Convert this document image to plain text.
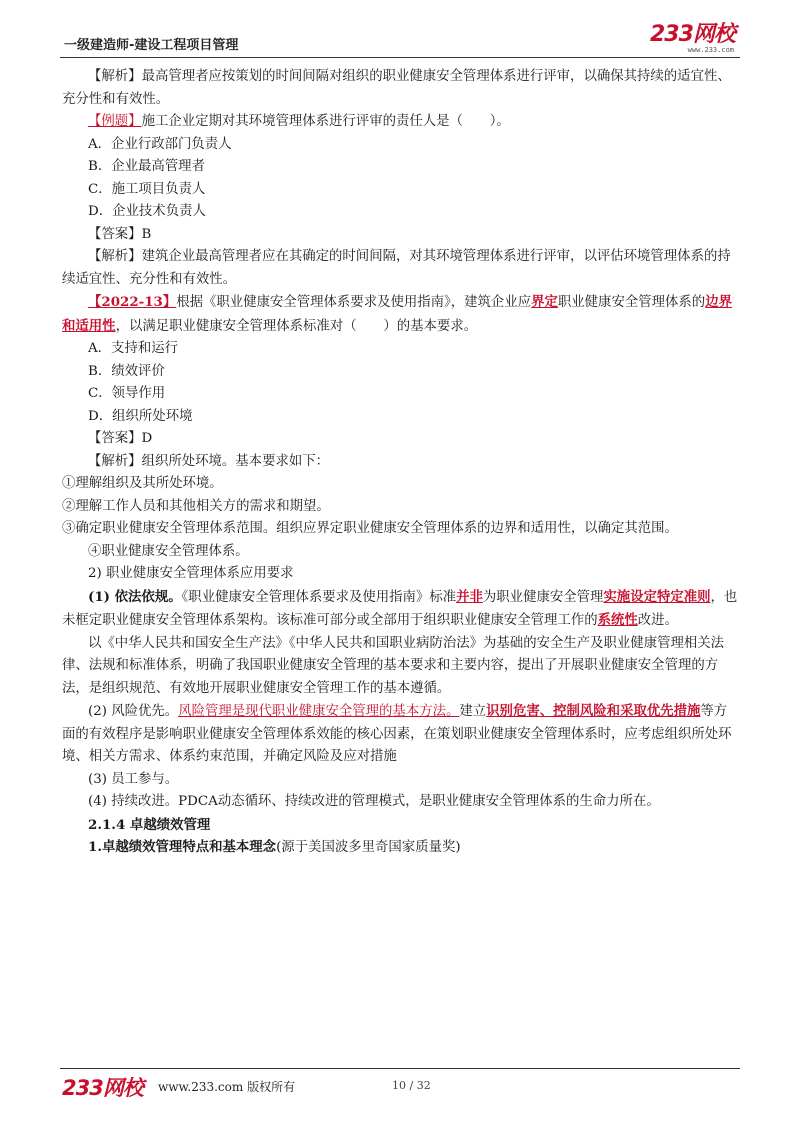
一级建造师-建设工程项目管理	233网校
www.233.com

【解析】最高管理者应按策划的时间间隔对组织的职业健康安全管理体系进行评审，以确保其持续的适宜性、充分性和有效性。

【例题】施工企业定期对其环境管理体系进行评审的责任人是（　　）。

A．企业行政部门负责人

B．企业最高管理者

C．施工项目负责人

D．企业技术负责人

【答案】B

【解析】建筑企业最高管理者应在其确定的时间间隔，对其环境管理体系进行评审，以评估环境管理体系的持续适宜性、充分性和有效性。

【2022-13】根据《职业健康安全管理体系要求及使用指南》，建筑企业应界定职业健康安全管理体系的边界和适用性，以满足职业健康安全管理体系标准对（　　）的基本要求。

A．支持和运行

B．绩效评价

C．领导作用

D．组织所处环境

【答案】D

【解析】组织所处环境。基本要求如下：

①理解组织及其所处环境。

②理解工作人员和其他相关方的需求和期望。

③确定职业健康安全管理体系范围。组织应界定职业健康安全管理体系的边界和适用性，以确定其范围。

④职业健康安全管理体系。

2) 职业健康安全管理体系应用要求

(1) 依法依规。《职业健康安全管理体系要求及使用指南》标准并非为职业健康安全管理实施设定特定准则，也未框定职业健康安全管理体系架构。该标准可部分或全部用于组织职业健康安全管理工作的系统性改进。

以《中华人民共和国安全生产法》《中华人民共和国职业病防治法》为基础的安全生产及职业健康管理相关法律、法规和标准体系，明确了我国职业健康安全管理的基本要求和主要内容，提出了开展职业健康安全管理的方法，是组织规范、有效地开展职业健康安全管理工作的基本遵循。

(2) 风险优先。风险管理是现代职业健康安全管理的基本方法。建立识别危害、控制风险和采取优先措施等方面的有效程序是影响职业健康安全管理体系效能的核心因素，在策划职业健康安全管理体系时，应考虑组织所处环境、相关方需求、体系约束范围，并确定风险及应对措施

(3) 员工参与。

(4) 持续改进。PDCA动态循环、持续改进的管理模式，是职业健康安全管理体系的生命力所在。

2.1.4 卓越绩效管理

1.卓越绩效管理特点和基本理念(源于美国波多里奇国家质量奖)

233网校 www.233.com 版权所有	10 / 32
